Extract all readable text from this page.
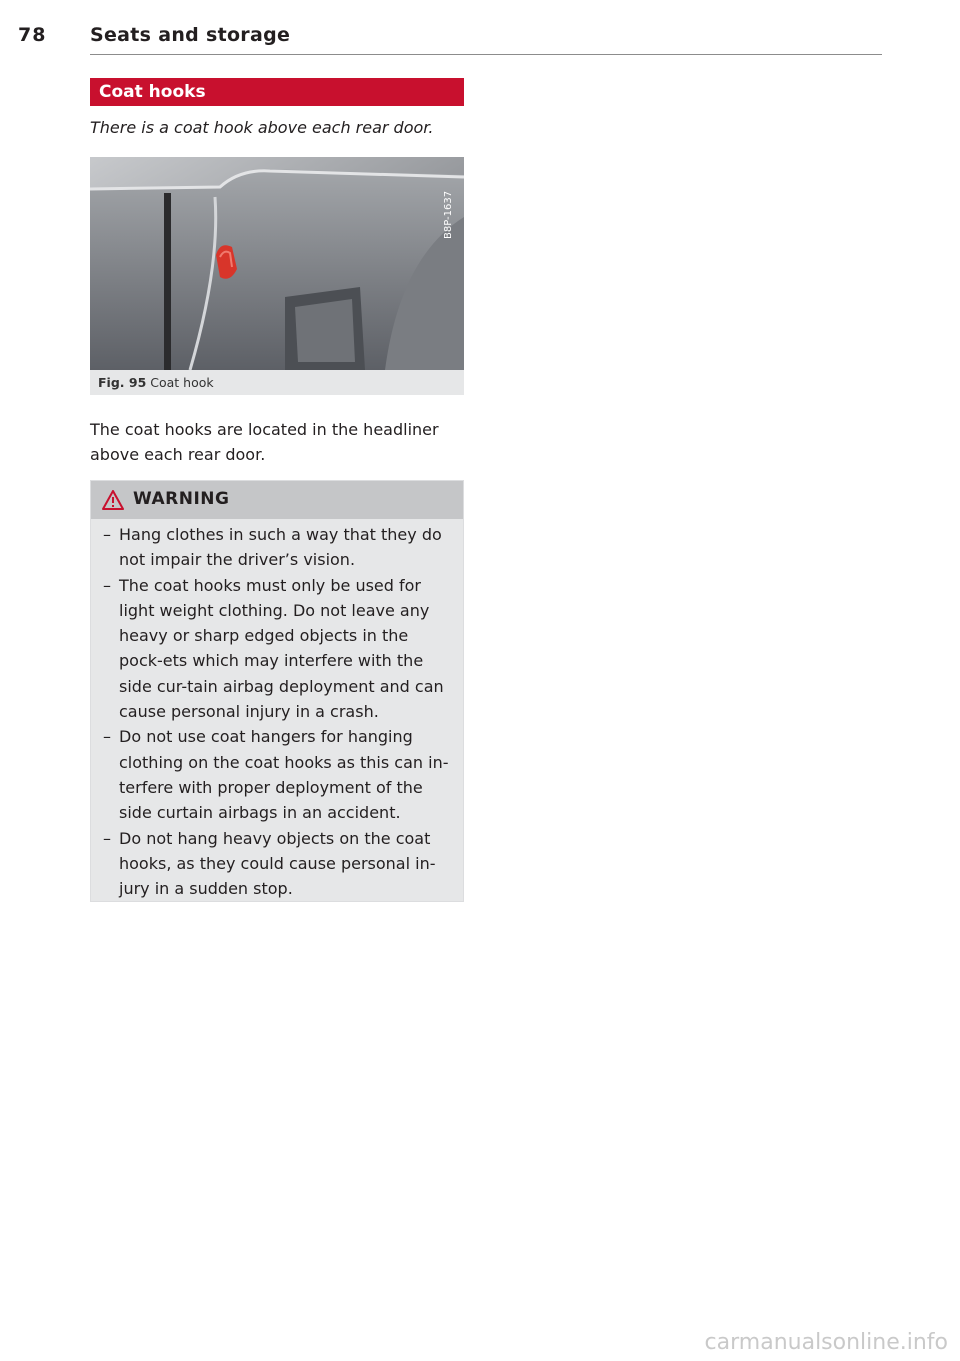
78 Seats and storage
Coat hooks
There is a coat hook above each rear door.
B8P-1637
Fig. 95 Coat hook
The coat hooks are located in the headliner above each rear door.
WARNING
– Hang clothes in such a way that they do not impair the driver’s vision.
– The coat hooks must only be used for light weight clothing. Do not leave any heavy or sharp edged objects in the pock-ets which may interfere with the side cur-tain airbag deployment and can cause personal injury in a crash.
– Do not use coat hangers for hanging clothing on the coat hooks as this can in-terfere with proper deployment of the side curtain airbags in an accident.
– Do not hang heavy objects on the coat hooks, as they could cause personal in-jury in a sudden stop.
carmanualsonline.info
